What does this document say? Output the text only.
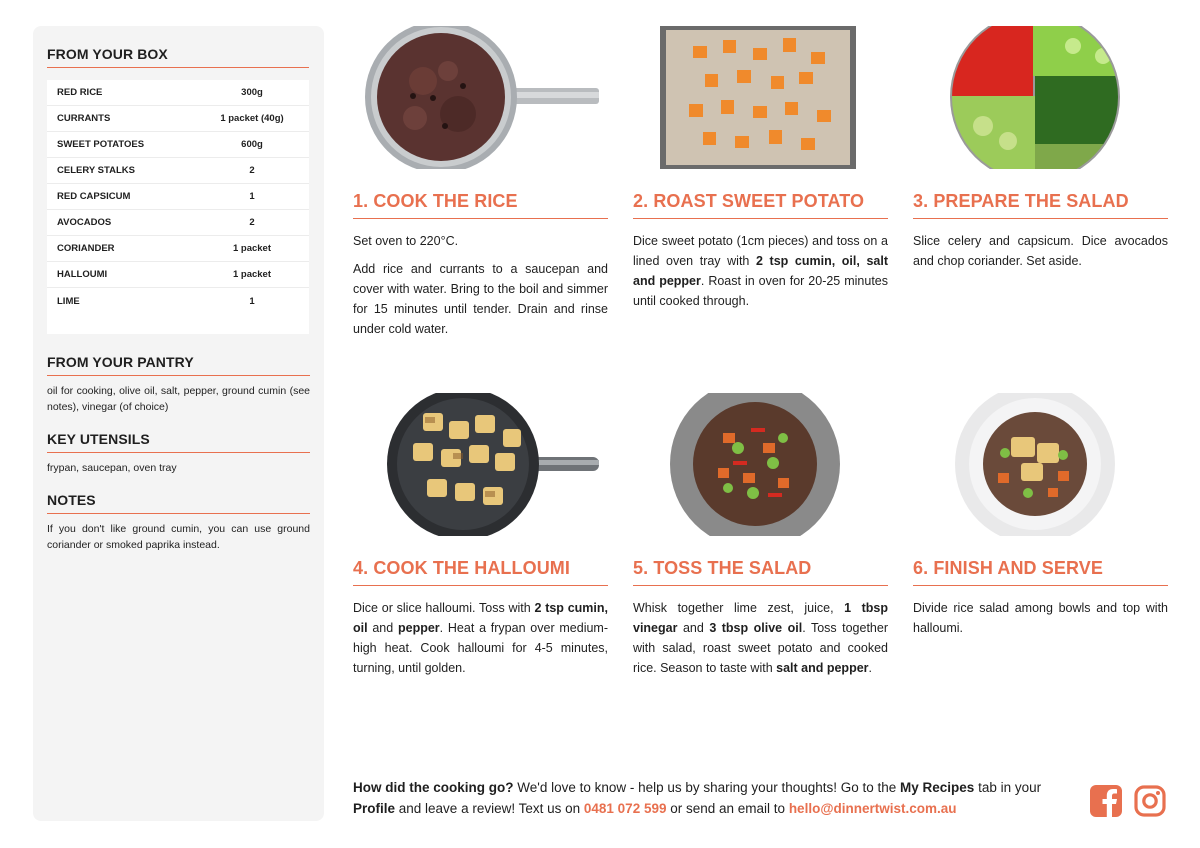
FROM YOUR BOX
RED RICE	300g
CURRANTS	1 packet (40g)
SWEET POTATOES	600g
CELERY STALKS	2
RED CAPSICUM	1
AVOCADOS	2
CORIANDER	1 packet
HALLOUMI	1 packet
LIME	1
FROM YOUR PANTRY
oil for cooking, olive oil, salt, pepper, ground cumin (see notes), vinegar (of choice)
KEY UTENSILS
frypan, saucepan, oven tray
NOTES
If you don't like ground cumin, you can use ground coriander or smoked paprika instead.
1. COOK THE RICE

Set oven to 220°C.

Add rice and currants to a saucepan and cover with water. Bring to the boil and simmer for 15 minutes until tender. Drain and rinse under cold water.

2. ROAST SWEET POTATO

Dice sweet potato (1cm pieces) and toss on a lined oven tray with 2 tsp cumin, oil, salt and pepper. Roast in oven for 20-25 minutes until cooked through.

3. PREPARE THE SALAD

Slice celery and capsicum. Dice avocados and chop coriander. Set aside.

4. COOK THE HALLOUMI

Dice or slice halloumi. Toss with 2 tsp cumin, oil and pepper. Heat a frypan over medium-high heat. Cook halloumi for 4-5 minutes, turning, until golden.

5. TOSS THE SALAD

Whisk together lime zest, juice, 1 tbsp vinegar and 3 tbsp olive oil. Toss together with salad, roast sweet potato and cooked rice. Season to taste with salt and pepper.

6. FINISH AND SERVE

Divide rice salad among bowls and top with halloumi.

How did the cooking go? We'd love to know - help us by sharing your thoughts! Go to the My Recipes tab in your Profile and leave a review! Text us on 0481 072 599 or send an email to hello@dinnertwist.com.au
